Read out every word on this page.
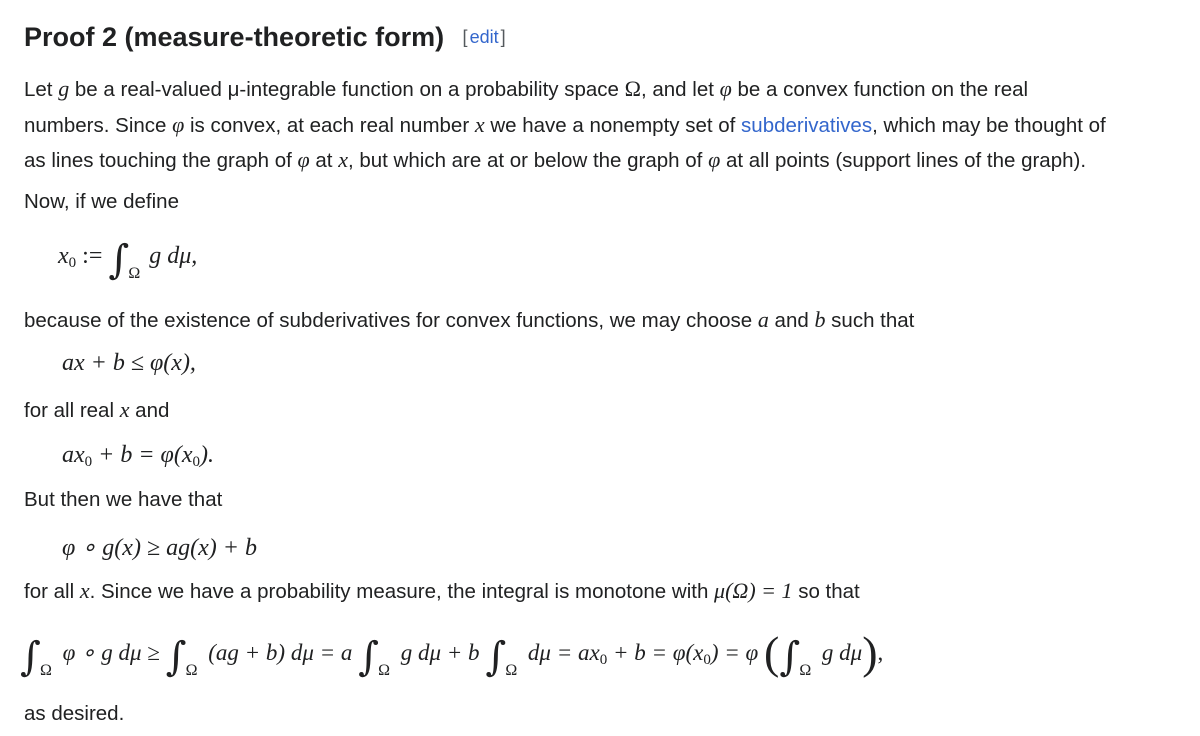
Proof 2 (measure-theoretic form) [ edit ]
Let g be a real-valued μ-integrable function on a probability space Ω, and let φ be a convex function on the real
numbers. Since φ is convex, at each real number x we have a nonempty set of subderivatives, which may be thought of
as lines touching the graph of φ at x, but which are at or below the graph of φ at all points (support lines of the graph).
Now, if we define
$x_0$ := ∫ Ω
g dμ,
because of the existence of subderivatives for convex functions, we may choose a and b such that
ax + b ≤ φ(x),
for all real x and
$ax_0 + b = \varphi(x_0)$.
But then we have that
φ ∘ g(x) ≥ ag(x) + b
for all x. Since we have a probability measure, the integral is monotone with μ(Ω) = 1 so that
∫ Ω
φ ∘ g dμ ≥ ∫ Ω
(ag + b) dμ = a ∫ Ω
g dμ + b ∫ Ω
$d\mu = ax_0 + b = \varphi(x_0) = \varphi$ (∫ Ω
g dμ),
as desired.
